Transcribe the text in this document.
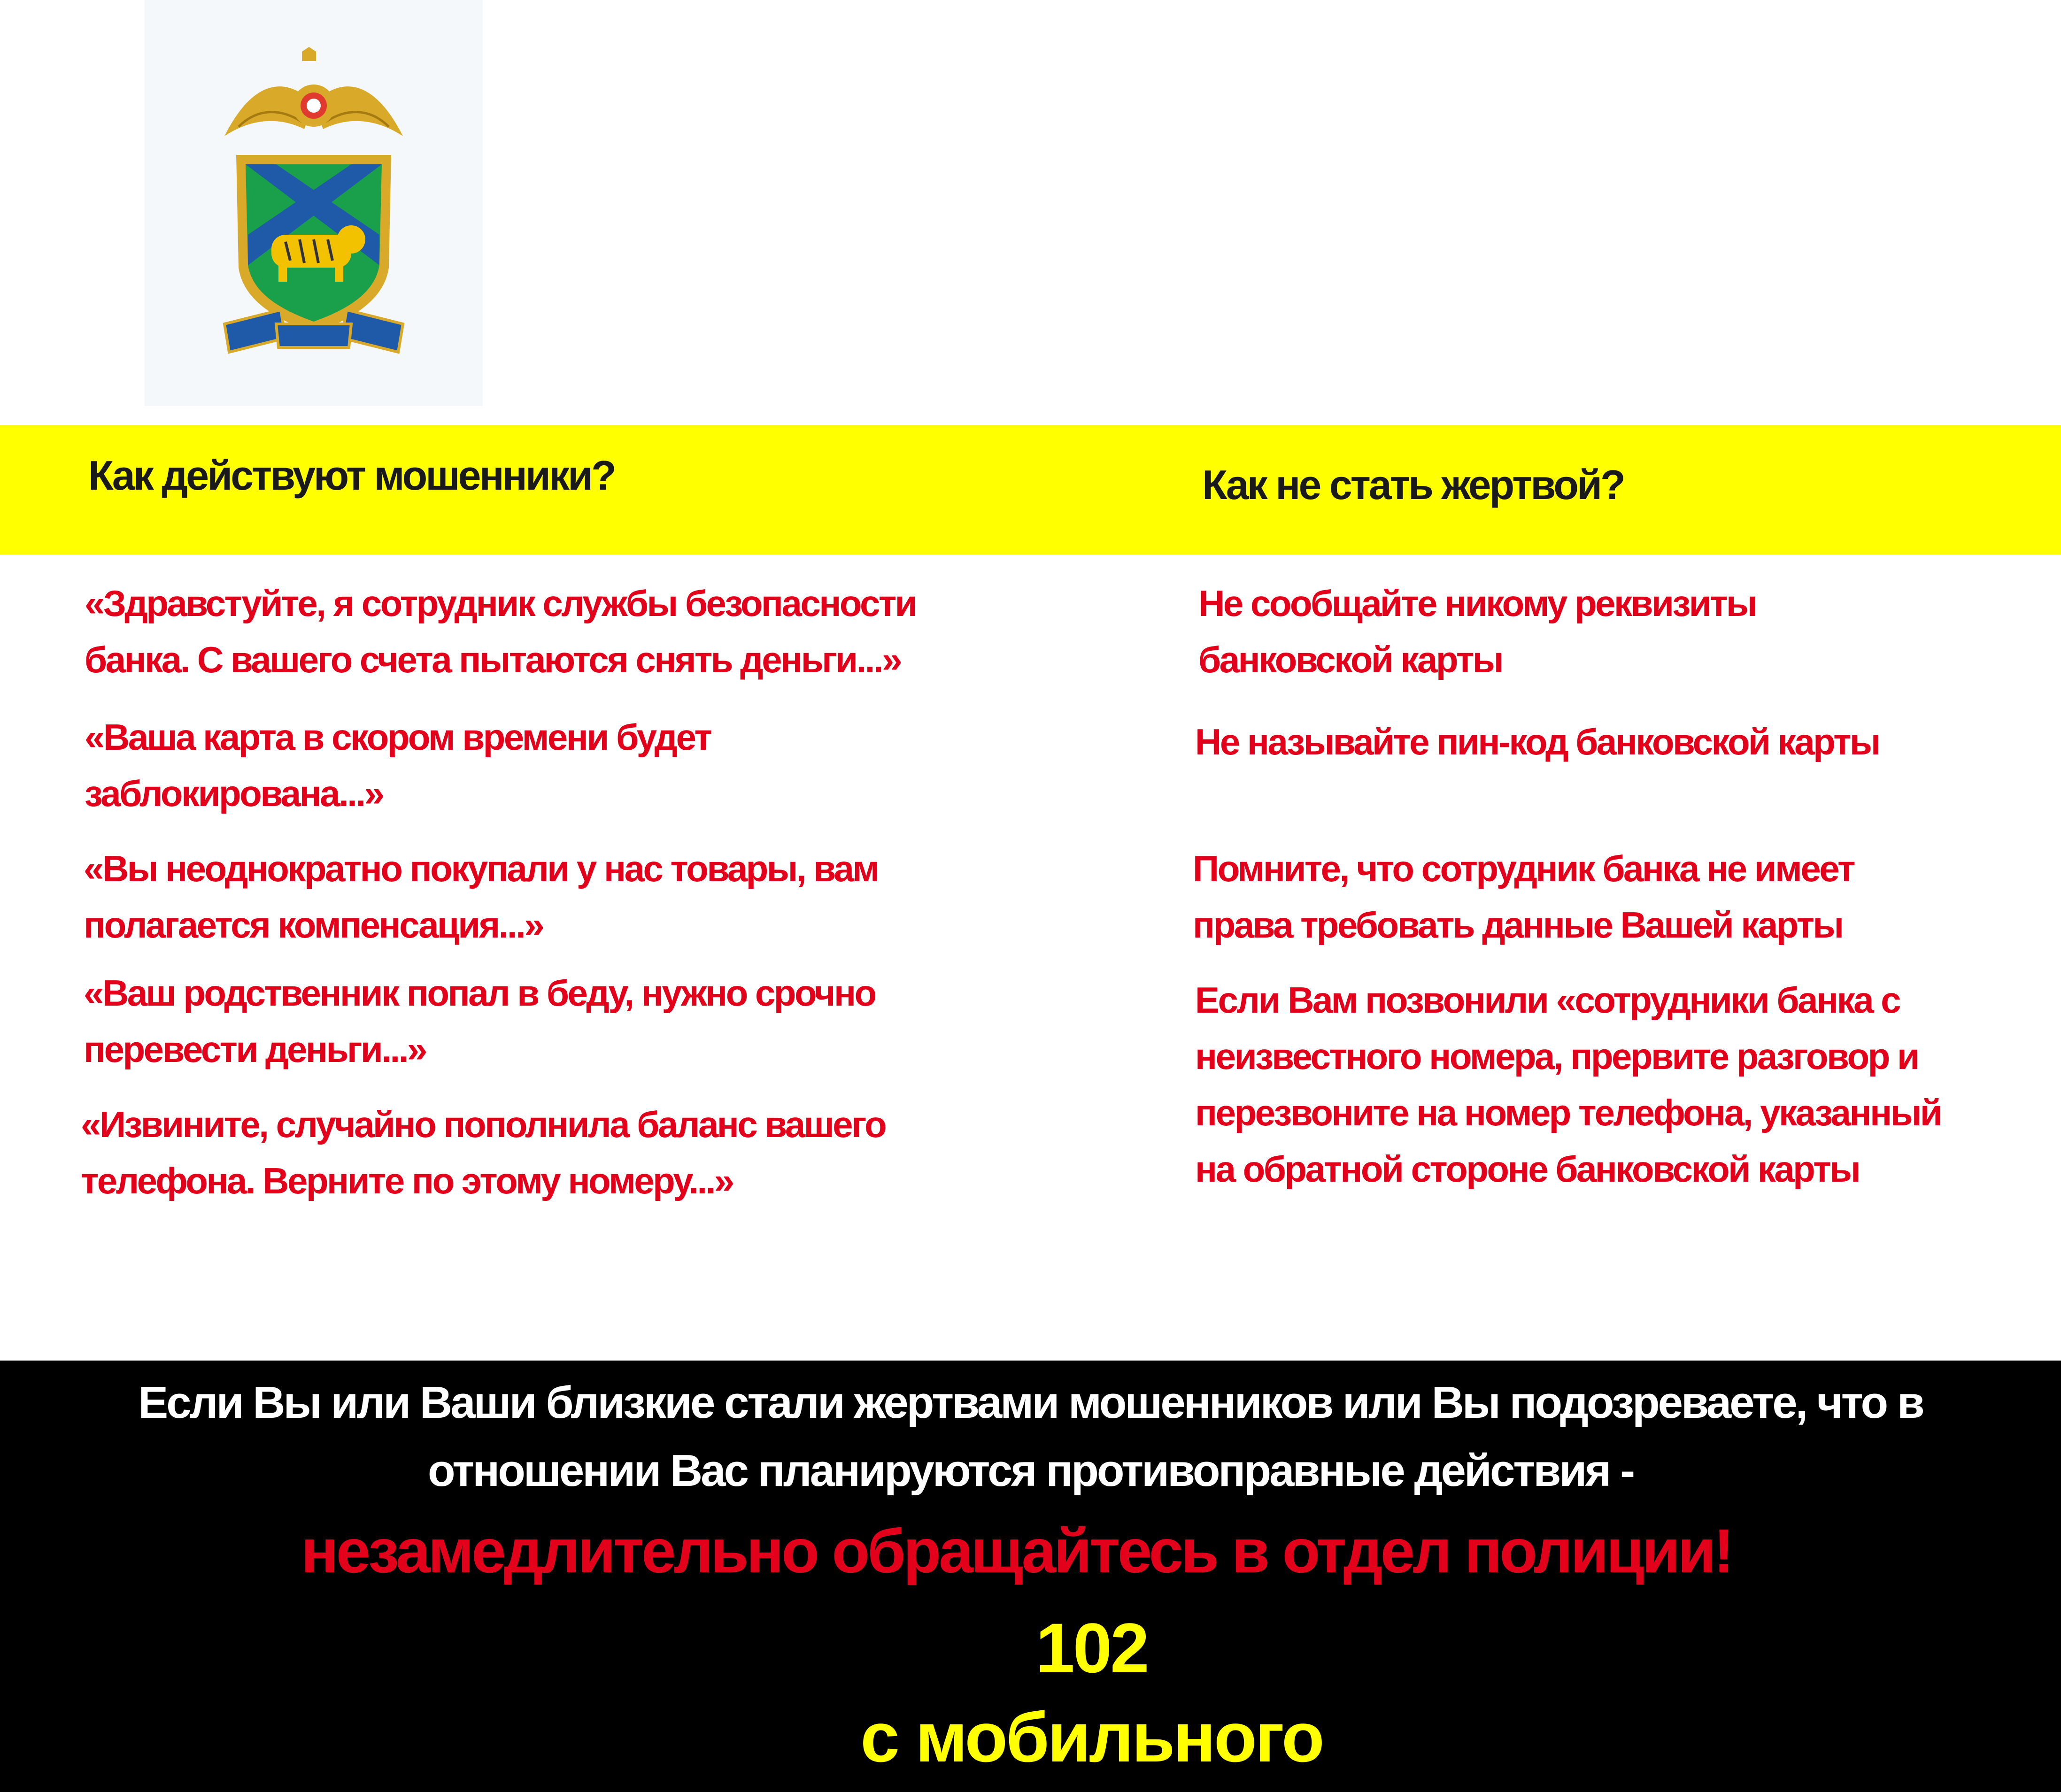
Как действуют мошенники?	Как не стать жертвой?
«Здравстуйте, я сотрудник службы безопасности
банка. С вашего счета пытаются снять деньги...»
«Ваша карта в скором времени будет
заблокирована...»
«Вы неоднократно покупали у нас товары, вам
полагается компенсация...»
«Ваш родственник попал в беду, нужно срочно
перевести деньги...»
«Извините, случайно пополнила баланс вашего
телефона. Верните по этому номеру...»
Не сообщайте никому реквизиты
банковской карты
Не называйте пин-код банковской карты
Помните, что сотрудник банка не имеет
права требовать данные Вашей карты
Если Вам позвонили «сотрудники банка с
неизвестного номера, прервите разговор и
перезвоните на номер телефона, указанный
на обратной стороне банковской карты
Если Вы или Ваши близкие стали жертвами мошенников или Вы подозреваете, что в
отношении Вас планируются противоправные действия -
незамедлительно обращайтесь в отдел полиции!
102
с мобильного
